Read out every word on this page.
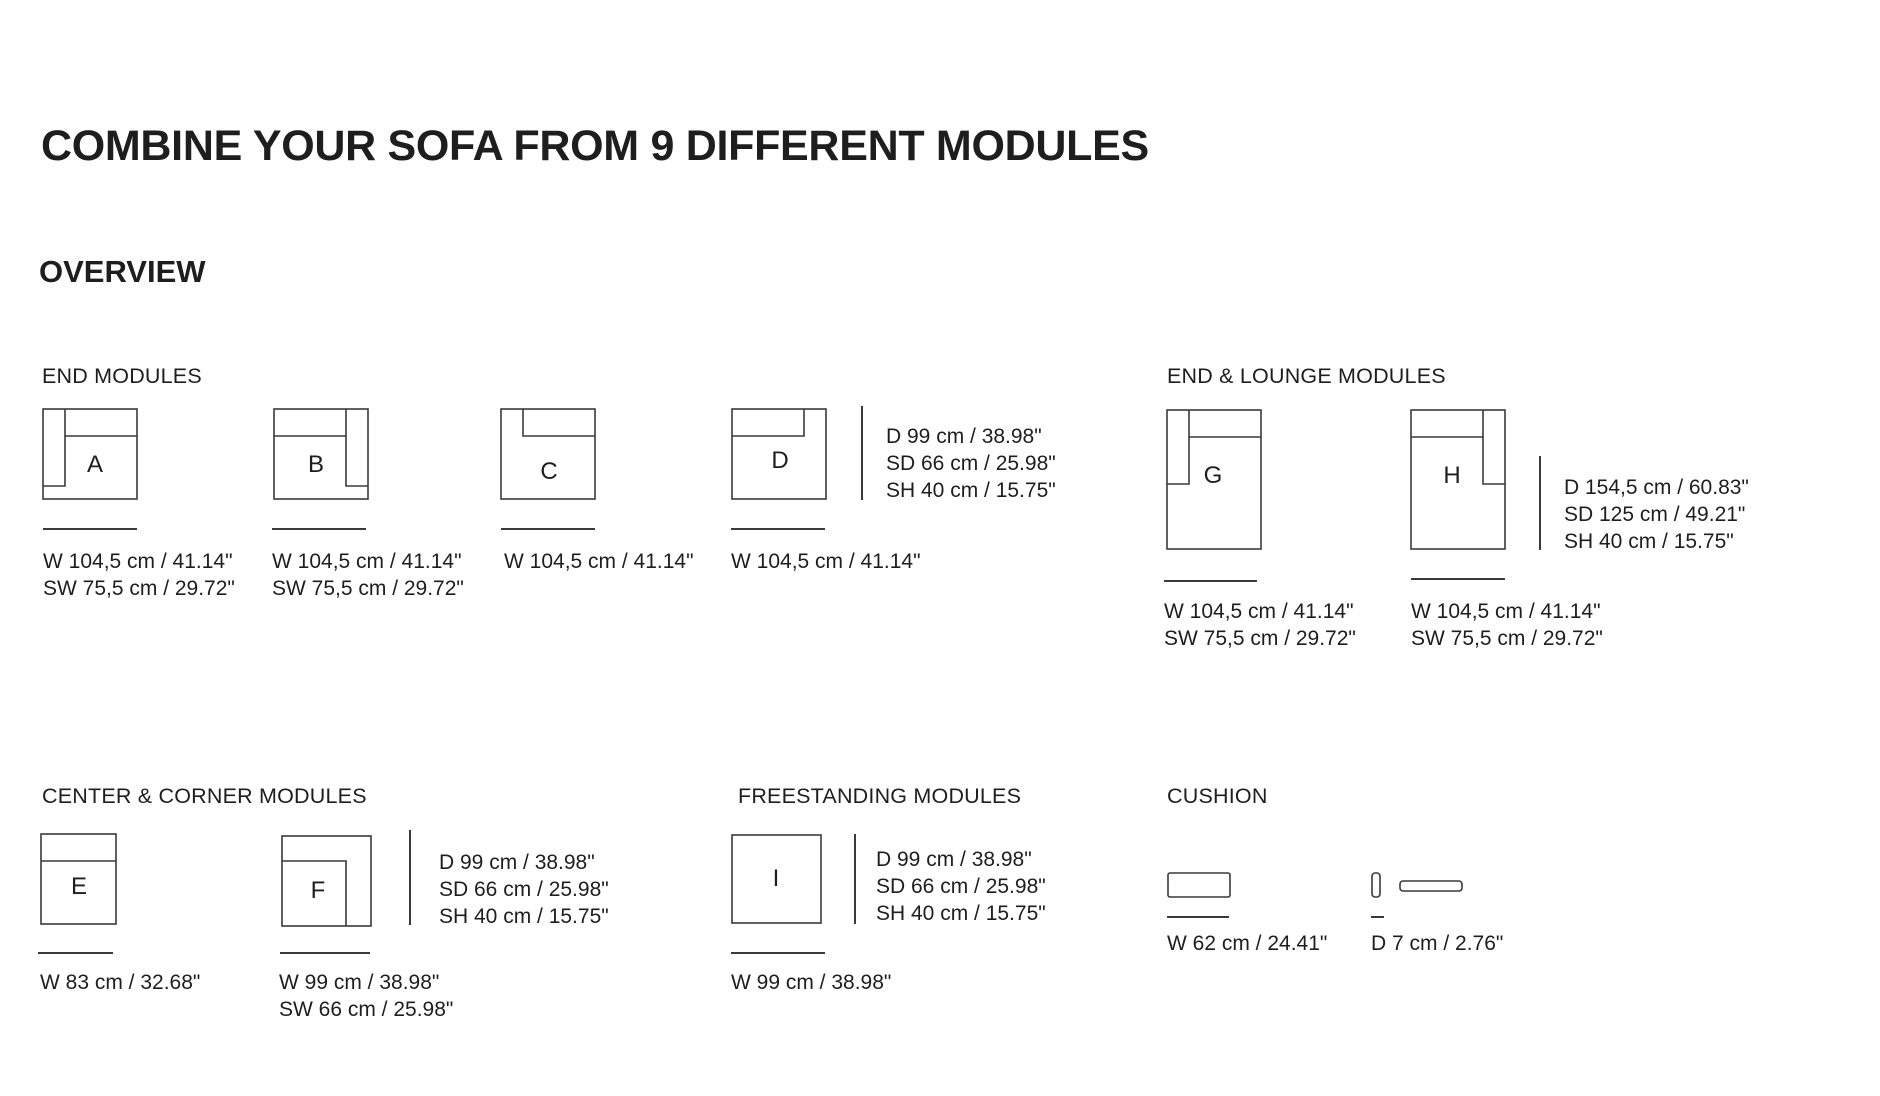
COMBINE YOUR SOFA FROM 9 DIFFERENT MODULES
OVERVIEW
END MODULES	END & LOUNGE MODULES
CENTER & CORNER MODULES	FREESTANDING MODULES	CUSHION
A
W 104,5 cm / 41.14"
SW 75,5 cm / 29.72"
B
W 104,5 cm / 41.14"
SW 75,5 cm / 29.72"
C
W 104,5 cm / 41.14"
D
W 104,5 cm / 41.14"
D 99 cm / 38.98"
SD 66 cm / 25.98"
SH 40 cm / 15.75"
G
W 104,5 cm / 41.14"
SW 75,5 cm / 29.72"
H
W 104,5 cm / 41.14"
SW 75,5 cm / 29.72"
D 154,5 cm / 60.83"
SD 125 cm / 49.21"
SH 40 cm / 15.75"
E
W 83 cm / 32.68"
F
W 99 cm / 38.98"
SW 66 cm / 25.98"
D 99 cm / 38.98"
SD 66 cm / 25.98"
SH 40 cm / 15.75"
I
W 99 cm / 38.98"
D 99 cm / 38.98"
SD 66 cm / 25.98"
SH 40 cm / 15.75"
W 62 cm / 24.41" D 7 cm / 2.76"
